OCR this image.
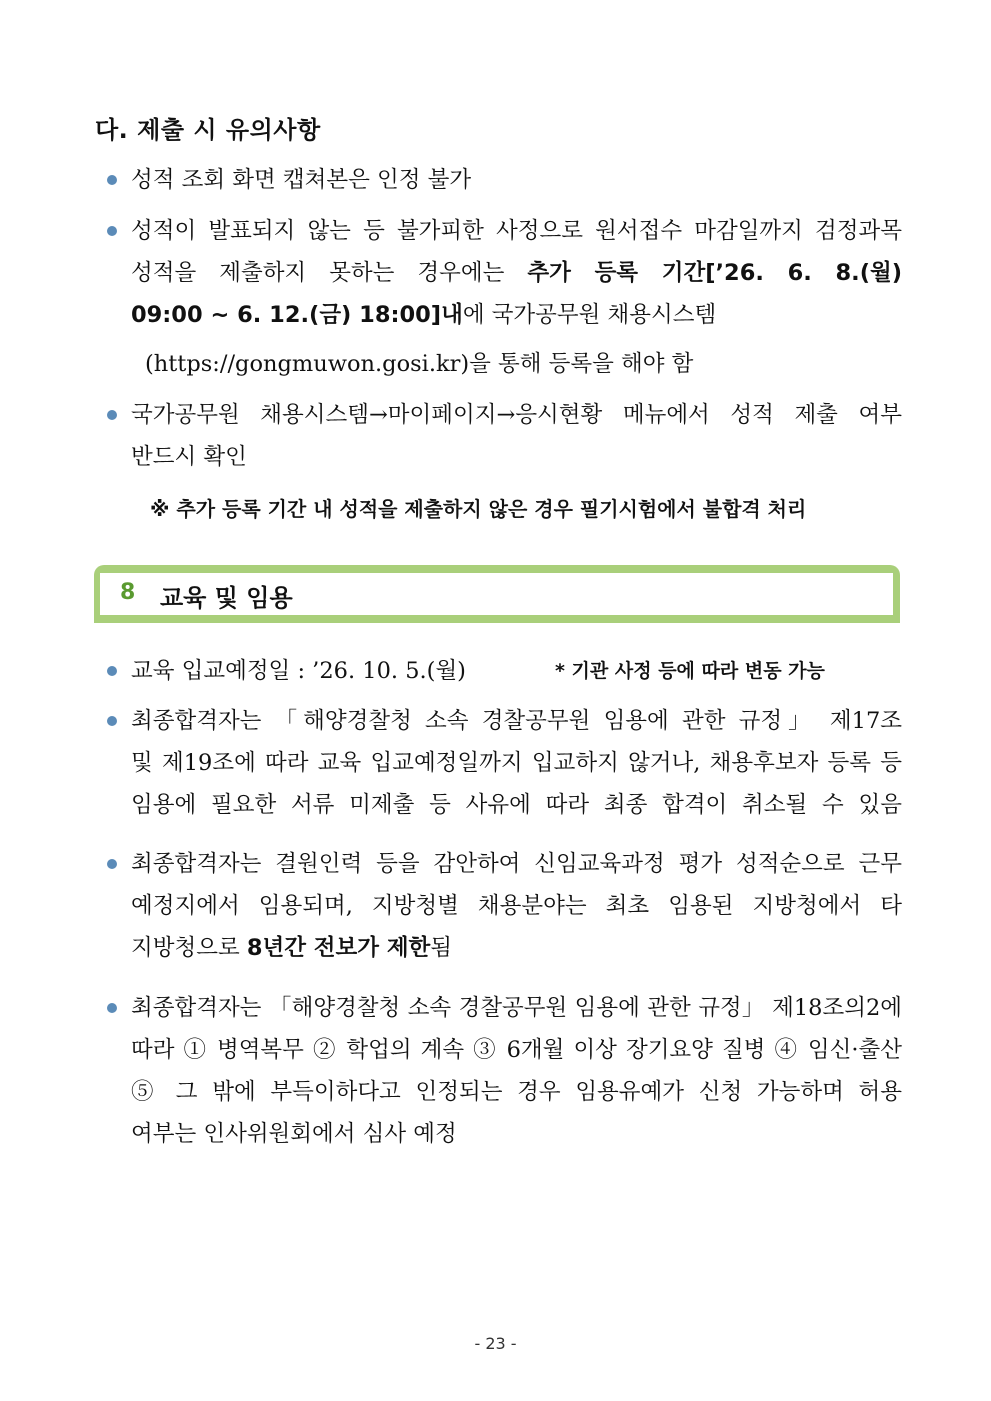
다. 제출 시 유의사항
성적 조회 화면 캡쳐본은 인정 불가
성적이 발표되지 않는 등 불가피한 사정으로 원서접수 마감일까지 검정과목
성적을 제출하지 못하는 경우에는 추가 등록 기간[’26. 6. 8.(월)
09:00 ~ 6. 12.(금) 18:00]내에 국가공무원 채용시스템
(https://gongmuwon.gosi.kr)을 통해 등록을 해야 함
국가공무원 채용시스템→마이페이지→응시현황 메뉴에서 성적 제출 여부
반드시 확인
※ 추가 등록 기간 내 성적을 제출하지 않은 경우 필기시험에서 불합격 처리
8 교육 및 임용
교육 입교예정일 : ’26. 10. 5.(월)	* 기관 사정 등에 따라 변동 가능
최종합격자는 「해양경찰청 소속 경찰공무원 임용에 관한 규정」 제17조
및 제19조에 따라 교육 입교예정일까지 입교하지 않거나, 채용후보자 등록 등
임용에 필요한 서류 미제출 등 사유에 따라 최종 합격이 취소될 수 있음
최종합격자는 결원인력 등을 감안하여 신임교육과정 평가 성적순으로 근무
예정지에서 임용되며, 지방청별 채용분야는 최초 임용된 지방청에서 타
지방청으로 8년간 전보가 제한됨
최종합격자는 「해양경찰청 소속 경찰공무원 임용에 관한 규정」 제18조의2에
따라 ① 병역복무 ② 학업의 계속 ③ 6개월 이상 장기요양 질병 ④ 임신·출산
⑤ 그 밖에 부득이하다고 인정되는 경우 임용유예가 신청 가능하며 허용
여부는 인사위원회에서 심사 예정
- 23 -
